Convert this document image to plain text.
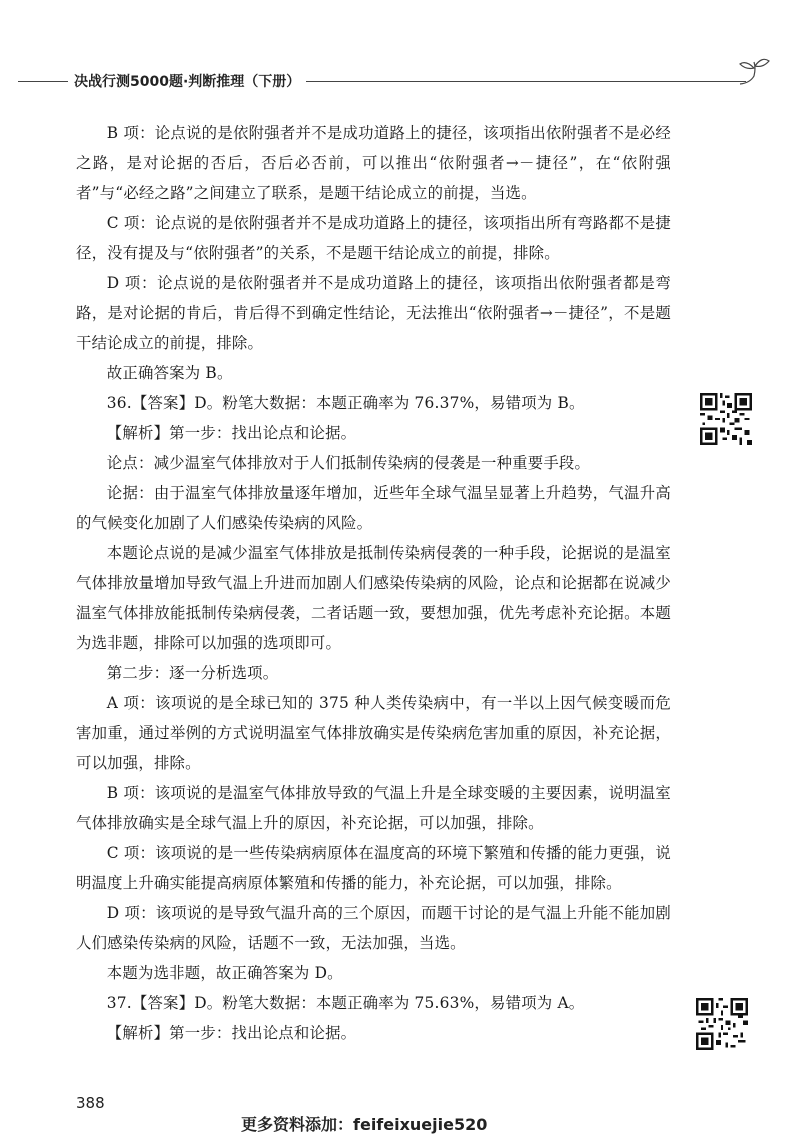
决战行测5000题·判断推理（下册）

B 项：论点说的是依附强者并不是成功道路上的捷径，该项指出依附强者不是必经之路，是对论据的否后，否后必否前，可以推出“依附强者→－捷径”，在“依附强者”与“必经之路”之间建立了联系，是题干结论成立的前提，当选。

C 项：论点说的是依附强者并不是成功道路上的捷径，该项指出所有弯路都不是捷径，没有提及与“依附强者”的关系，不是题干结论成立的前提，排除。

D 项：论点说的是依附强者并不是成功道路上的捷径，该项指出依附强者都是弯路，是对论据的肯后，肯后得不到确定性结论，无法推出“依附强者→－捷径”，不是题干结论成立的前提，排除。

故正确答案为 B。

36.【答案】D。粉笔大数据：本题正确率为 76.37%，易错项为 B。

【解析】第一步：找出论点和论据。

论点：减少温室气体排放对于人们抵制传染病的侵袭是一种重要手段。

论据：由于温室气体排放量逐年增加，近些年全球气温呈显著上升趋势，气温升高的气候变化加剧了人们感染传染病的风险。

本题论点说的是减少温室气体排放是抵制传染病侵袭的一种手段，论据说的是温室气体排放量增加导致气温上升进而加剧人们感染传染病的风险，论点和论据都在说减少温室气体排放能抵制传染病侵袭，二者话题一致，要想加强，优先考虑补充论据。本题为选非题，排除可以加强的选项即可。

第二步：逐一分析选项。

A 项：该项说的是全球已知的 375 种人类传染病中，有一半以上因气候变暖而危害加重，通过举例的方式说明温室气体排放确实是传染病危害加重的原因，补充论据，可以加强，排除。

B 项：该项说的是温室气体排放导致的气温上升是全球变暖的主要因素，说明温室气体排放确实是全球气温上升的原因，补充论据，可以加强，排除。

C 项：该项说的是一些传染病病原体在温度高的环境下繁殖和传播的能力更强，说明温度上升确实能提高病原体繁殖和传播的能力，补充论据，可以加强，排除。

D 项：该项说的是导致气温升高的三个原因，而题干讨论的是气温上升能不能加剧人们感染传染病的风险，话题不一致，无法加强，当选。

本题为选非题，故正确答案为 D。

37.【答案】D。粉笔大数据：本题正确率为 75.63%，易错项为 A。

【解析】第一步：找出论点和论据。

388
更多资料添加：feifeixuejie520
